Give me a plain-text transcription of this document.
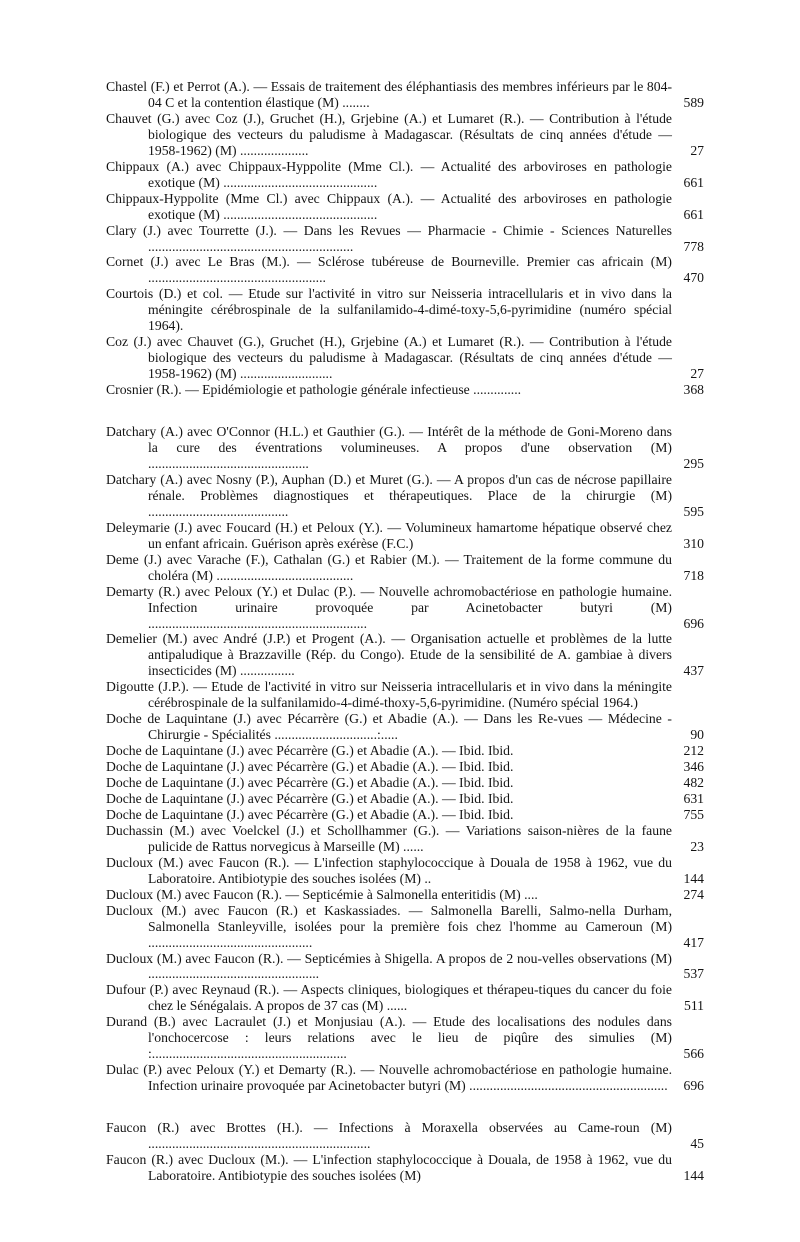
Chastel (F.) et Perrot (A.). — Essais de traitement des éléphantiasis des membres inférieurs par le 804-04 C et la contention élastique (M) ........	589
Chauvet (G.) avec Coz (J.), Gruchet (H.), Grjebine (A.) et Lumaret (R.). — Contribution à l'étude biologique des vecteurs du paludisme à Madagascar. (Résultats de cinq années d'étude — 1958-1962) (M) ....................	27
Chippaux (A.) avec Chippaux-Hyppolite (Mme Cl.). — Actualité des arboviroses en pathologie exotique (M) .............................................	661
Chippaux-Hyppolite (Mme Cl.) avec Chippaux (A.). — Actualité des arboviroses en pathologie exotique (M) .............................................	661
Clary (J.) avec Tourrette (J.). — Dans les Revues — Pharmacie - Chimie - Sciences Naturelles ............................................................	778
Cornet (J.) avec Le Bras (M.). — Sclérose tubéreuse de Bourneville. Premier cas africain (M) ....................................................	470
Courtois (D.) et col. — Etude sur l'activité in vitro sur Neisseria intracellularis et in vivo dans la méningite cérébrospinale de la sulfanilamido-4-dimé-toxy-5,6-pyrimidine (numéro spécial 1964).
Coz (J.) avec Chauvet (G.), Gruchet (H.), Grjebine (A.) et Lumaret (R.). — Contribution à l'étude biologique des vecteurs du paludisme à Madagascar. (Résultats de cinq années d'étude — 1958-1962) (M) ...........................	27
Crosnier (R.). — Epidémiologie et pathologie générale infectieuse ..............	368
Datchary (A.) avec O'Connor (H.L.) et Gauthier (G.). — Intérêt de la méthode de Goni-Moreno dans la cure des éventrations volumineuses. A propos d'une observation (M) ...............................................	295
Datchary (A.) avec Nosny (P.), Auphan (D.) et Muret (G.). — A propos d'un cas de nécrose papillaire rénale. Problèmes diagnostiques et thérapeutiques. Place de la chirurgie (M) .........................................	595
Deleymarie (J.) avec Foucard (H.) et Peloux (Y.). — Volumineux hamartome hépatique observé chez un enfant africain. Guérison après exérèse (F.C.)	310
Deme (J.) avec Varache (F.), Cathalan (G.) et Rabier (M.). — Traitement de la forme commune du choléra (M) ........................................	718
Demarty (R.) avec Peloux (Y.) et Dulac (P.). — Nouvelle achromobactériose en pathologie humaine. Infection urinaire provoquée par Acinetobacter butyri (M) ................................................................	696
Demelier (M.) avec André (J.P.) et Progent (A.). — Organisation actuelle et problèmes de la lutte antipaludique à Brazzaville (Rép. du Congo). Etude de la sensibilité de A. gambiae à divers insecticides (M) ................	437
Digoutte (J.P.). — Etude de l'activité in vitro sur Neisseria intracellularis et in vivo dans la méningite cérébrospinale de la sulfanilamido-4-dimé-thoxy-5,6-pyrimidine. (Numéro spécial 1964.)
Doche de Laquintane (J.) avec Pécarrère (G.) et Abadie (A.). — Dans les Re-vues — Médecine - Chirurgie - Spécialités ..............................:.....	90
Doche de Laquintane (J.) avec Pécarrère (G.) et Abadie (A.). — Ibid. Ibid.	212
Doche de Laquintane (J.) avec Pécarrère (G.) et Abadie (A.). — Ibid. Ibid.	346
Doche de Laquintane (J.) avec Pécarrère (G.) et Abadie (A.). — Ibid. Ibid.	482
Doche de Laquintane (J.) avec Pécarrère (G.) et Abadie (A.). — Ibid. Ibid.	631
Doche de Laquintane (J.) avec Pécarrère (G.) et Abadie (A.). — Ibid. Ibid.	755
Duchassin (M.) avec Voelckel (J.) et Schollhammer (G.). — Variations saison-nières de la faune pulicide de Rattus norvegicus à Marseille (M) ......	23
Ducloux (M.) avec Faucon (R.). — L'infection staphylococcique à Douala de 1958 à 1962, vue du Laboratoire. Antibiotypie des souches isolées (M) ..	144
Ducloux (M.) avec Faucon (R.). — Septicémie à Salmonella enteritidis (M) ....	274
Ducloux (M.) avec Faucon (R.) et Kaskassiades. — Salmonella Barelli, Salmo-nella Durham, Salmonella Stanleyville, isolées pour la première fois chez l'homme au Cameroun (M) ................................................	417
Ducloux (M.) avec Faucon (R.). — Septicémies à Shigella. A propos de 2 nou-velles observations (M) ..................................................	537
Dufour (P.) avec Reynaud (R.). — Aspects cliniques, biologiques et thérapeu-tiques du cancer du foie chez le Sénégalais. A propos de 37 cas (M) ......	511
Durand (B.) avec Lacraulet (J.) et Monjusiau (A.). — Etude des localisations des nodules dans l'onchocercose : leurs relations avec le lieu de piqûre des simulies (M) :.........................................................	566
Dulac (P.) avec Peloux (Y.) et Demarty (R.). — Nouvelle achromobactériose en pathologie humaine. Infection urinaire provoquée par Acinetobacter butyri (M) .......................................................... 696
Faucon (R.) avec Brottes (H.). — Infections à Moraxella observées au Came-roun (M) .................................................................	45
Faucon (R.) avec Ducloux (M.). — L'infection staphylococcique à Douala, de 1958 à 1962, vue du Laboratoire. Antibiotypie des souches isolées (M)	144
